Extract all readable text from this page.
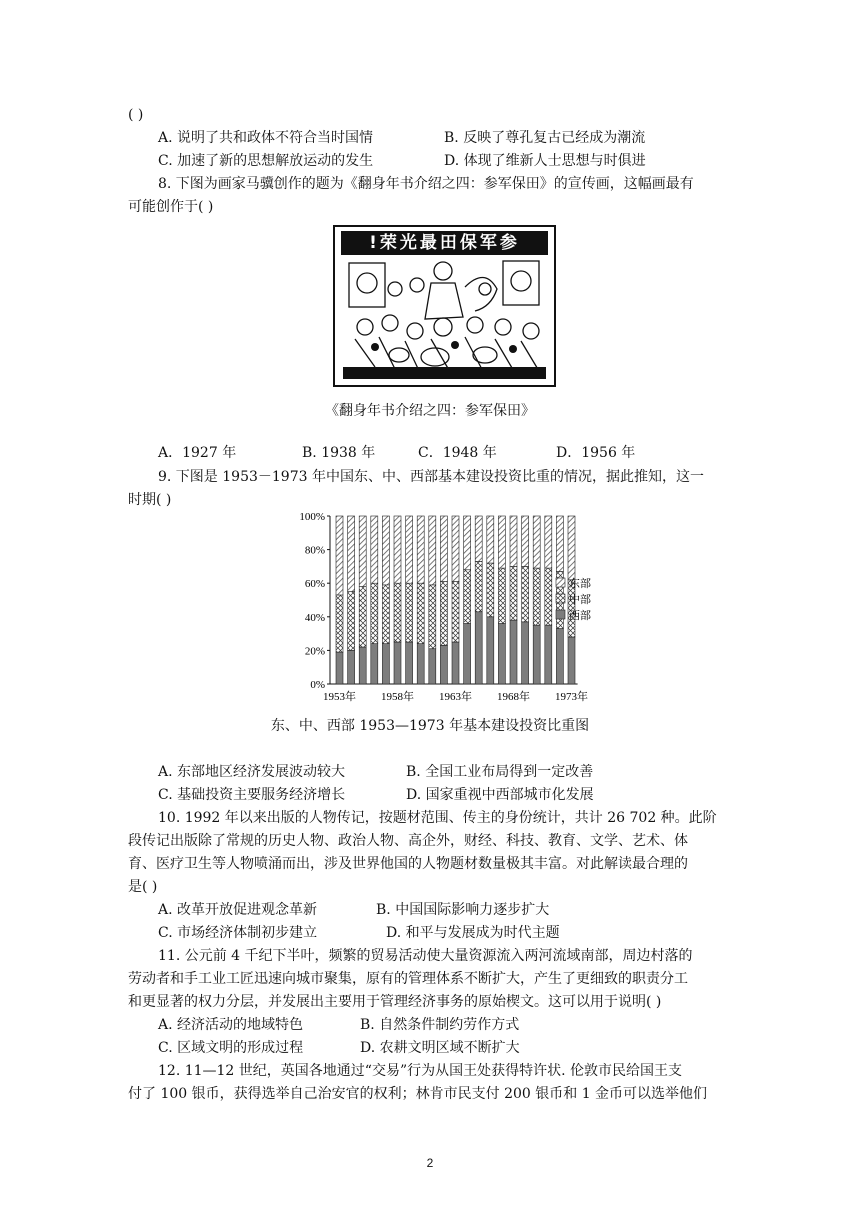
( )
A. 说明了共和政体不符合当时国情	B. 反映了尊孔复古已经成为潮流
C. 加速了新的思想解放运动的发生	D. 体现了维新人士思想与时俱进
8. 下图为画家马骥创作的题为《翻身年书介绍之四：参军保田》的宣传画，这幅画最有
可能创作于( )
!荣光最田保军参
《翻身年书介绍之四：参军保田》
A．1927 年	B. 1938 年	C．1948 年	D．1956 年
9. 下图是 1953－1973 年中国东、中、西部基本建设投资比重的情况，据此推知，这一
时期( )
0%
20%
40%
60%
80%
100%
1953年 1958年 1963年 1968年 1973年
东部
中部
西部
东、中、西部 1953—1973 年基本建设投资比重图
A. 东部地区经济发展波动较大	B. 全国工业布局得到一定改善
C. 基础投资主要服务经济增长	D. 国家重视中西部城市化发展
10. 1992 年以来出版的人物传记，按题材范围、传主的身份统计，共计 26 702 种。此阶
段传记出版除了常规的历史人物、政治人物、高企外，财经、科技、教育、文学、艺术、体
育、医疗卫生等人物喷涌而出，涉及世界他国的人物题材数量极其丰富。对此解读最合理的
是( )
A. 改革开放促进观念革新	B. 中国国际影响力逐步扩大
C. 市场经济体制初步建立	D. 和平与发展成为时代主题
11. 公元前 4 千纪下半叶，频繁的贸易活动使大量资源流入两河流域南部，周边村落的
劳动者和手工业工匠迅速向城市聚集，原有的管理体系不断扩大，产生了更细致的职责分工
和更显著的权力分层，并发展出主要用于管理经济事务的原始楔文。这可以用于说明( )
A. 经济活动的地域特色	B. 自然条件制约劳作方式
C. 区域文明的形成过程	D. 农耕文明区域不断扩大
12. 11—12 世纪，英国各地通过“交易”行为从国王处获得特许状. 伦敦市民给国王支
付了 100 银币，获得选举自己治安官的权利；林肯市民支付 200 银币和 1 金币可以选举他们
2
